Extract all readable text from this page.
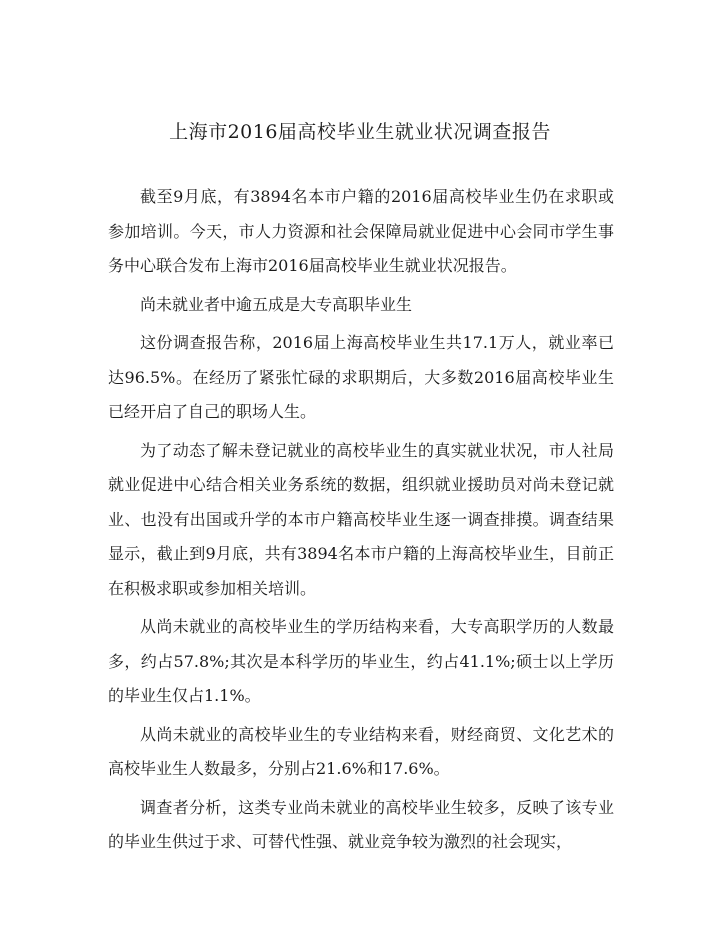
上海市2016届高校毕业生就业状况调查报告

截至9月底，有3894名本市户籍的2016届高校毕业生仍在求职或参加培训。今天，市人力资源和社会保障局就业促进中心会同市学生事务中心联合发布上海市2016届高校毕业生就业状况报告。

尚未就业者中逾五成是大专高职毕业生

这份调查报告称，2016届上海高校毕业生共17.1万人，就业率已达96.5%。在经历了紧张忙碌的求职期后，大多数2016届高校毕业生已经开启了自己的职场人生。

为了动态了解未登记就业的高校毕业生的真实就业状况，市人社局就业促进中心结合相关业务系统的数据，组织就业援助员对尚未登记就业、也没有出国或升学的本市户籍高校毕业生逐一调查排摸。调查结果显示，截止到9月底，共有3894名本市户籍的上海高校毕业生，目前正在积极求职或参加相关培训。

从尚未就业的高校毕业生的学历结构来看，大专高职学历的人数最多，约占57.8%;其次是本科学历的毕业生，约占41.1%;硕士以上学历的毕业生仅占1.1%。

从尚未就业的高校毕业生的专业结构来看，财经商贸、文化艺术的高校毕业生人数最多，分别占21.6%和17.6%。

调查者分析，这类专业尚未就业的高校毕业生较多，反映了该专业的毕业生供过于求、可替代性强、就业竞争较为激烈的社会现实，
